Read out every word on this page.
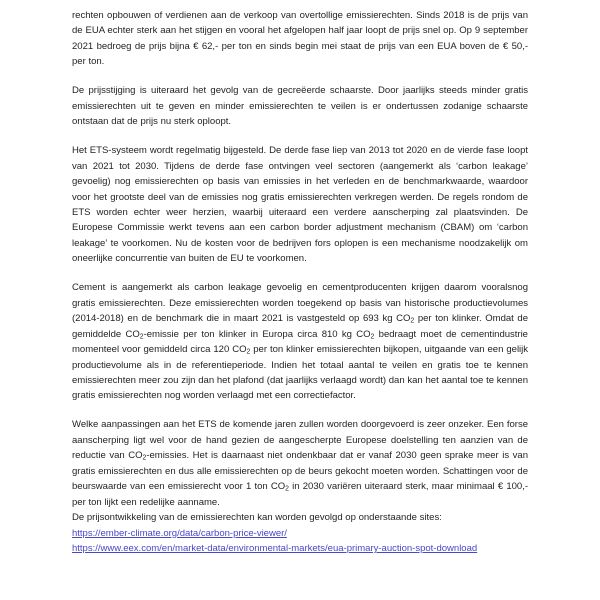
rechten opbouwen of verdienen aan de verkoop van overtollige emissierechten. Sinds 2018 is de prijs van de EUA echter sterk aan het stijgen en vooral het afgelopen half jaar loopt de prijs snel op. Op 9 september 2021 bedroeg de prijs bijna € 62,- per ton en sinds begin mei staat de prijs van een EUA boven de € 50,- per ton.

De prijsstijging is uiteraard het gevolg van de gecreëerde schaarste. Door jaarlijks steeds minder gratis emissierechten uit te geven en minder emissierechten te veilen is er ondertussen zodanige schaarste ontstaan dat de prijs nu sterk oploopt.

Het ETS-systeem wordt regelmatig bijgesteld. De derde fase liep van 2013 tot 2020 en de vierde fase loopt van 2021 tot 2030. Tijdens de derde fase ontvingen veel sectoren (aangemerkt als ‘carbon leakage’ gevoelig) nog emissierechten op basis van emissies in het verleden en de benchmarkwaarde, waardoor voor het grootste deel van de emissies nog gratis emissierechten verkregen werden. De regels rondom de ETS worden echter weer herzien, waarbij uiteraard een verdere aanscherping zal plaatsvinden. De Europese Commissie werkt tevens aan een carbon border adjustment mechanism (CBAM) om ‘carbon leakage’ te voorkomen. Nu de kosten voor de bedrijven fors oplopen is een mechanisme noodzakelijk om oneerlijke concurrentie van buiten de EU te voorkomen.

Cement is aangemerkt als carbon leakage gevoelig en cementproducenten krijgen daarom vooralsnog gratis emissierechten. Deze emissierechten worden toegekend op basis van historische productievolumes (2014-2018) en de benchmark die in maart 2021 is vastgesteld op 693 kg $CO_2$ per ton klinker. Omdat de gemiddelde $CO_2$-emissie per ton klinker in Europa circa 810 kg $CO_2$ bedraagt moet de cementindustrie momenteel voor gemiddeld circa 120 $CO_2$ per ton klinker emissierechten bijkopen, uitgaande van een gelijk productievolume als in de referentieperiode. Indien het totaal aantal te veilen en gratis toe te kennen emissierechten meer zou zijn dan het plafond (dat jaarlijks verlaagd wordt) dan kan het aantal toe te kennen gratis emissierechten nog worden verlaagd met een correctiefactor.

Welke aanpassingen aan het ETS de komende jaren zullen worden doorgevoerd is zeer onzeker. Een forse aanscherping ligt wel voor de hand gezien de aangescherpte Europese doelstelling ten aanzien van de reductie van $CO_2$-emissies. Het is daarnaast niet ondenkbaar dat er vanaf 2030 geen sprake meer is van gratis emissierechten en dus alle emissierechten op de beurs gekocht moeten worden. Schattingen voor de beurswaarde van een emissierecht voor 1 ton $CO_2$ in 2030 variëren uiteraard sterk, maar minimaal € 100,- per ton lijkt een redelijke aanname.

De prijsontwikkeling van de emissierechten kan worden gevolgd op onderstaande sites:
https://ember-climate.org/data/carbon-price-viewer/
https://www.eex.com/en/market-data/environmental-markets/eua-primary-auction-spot-download
